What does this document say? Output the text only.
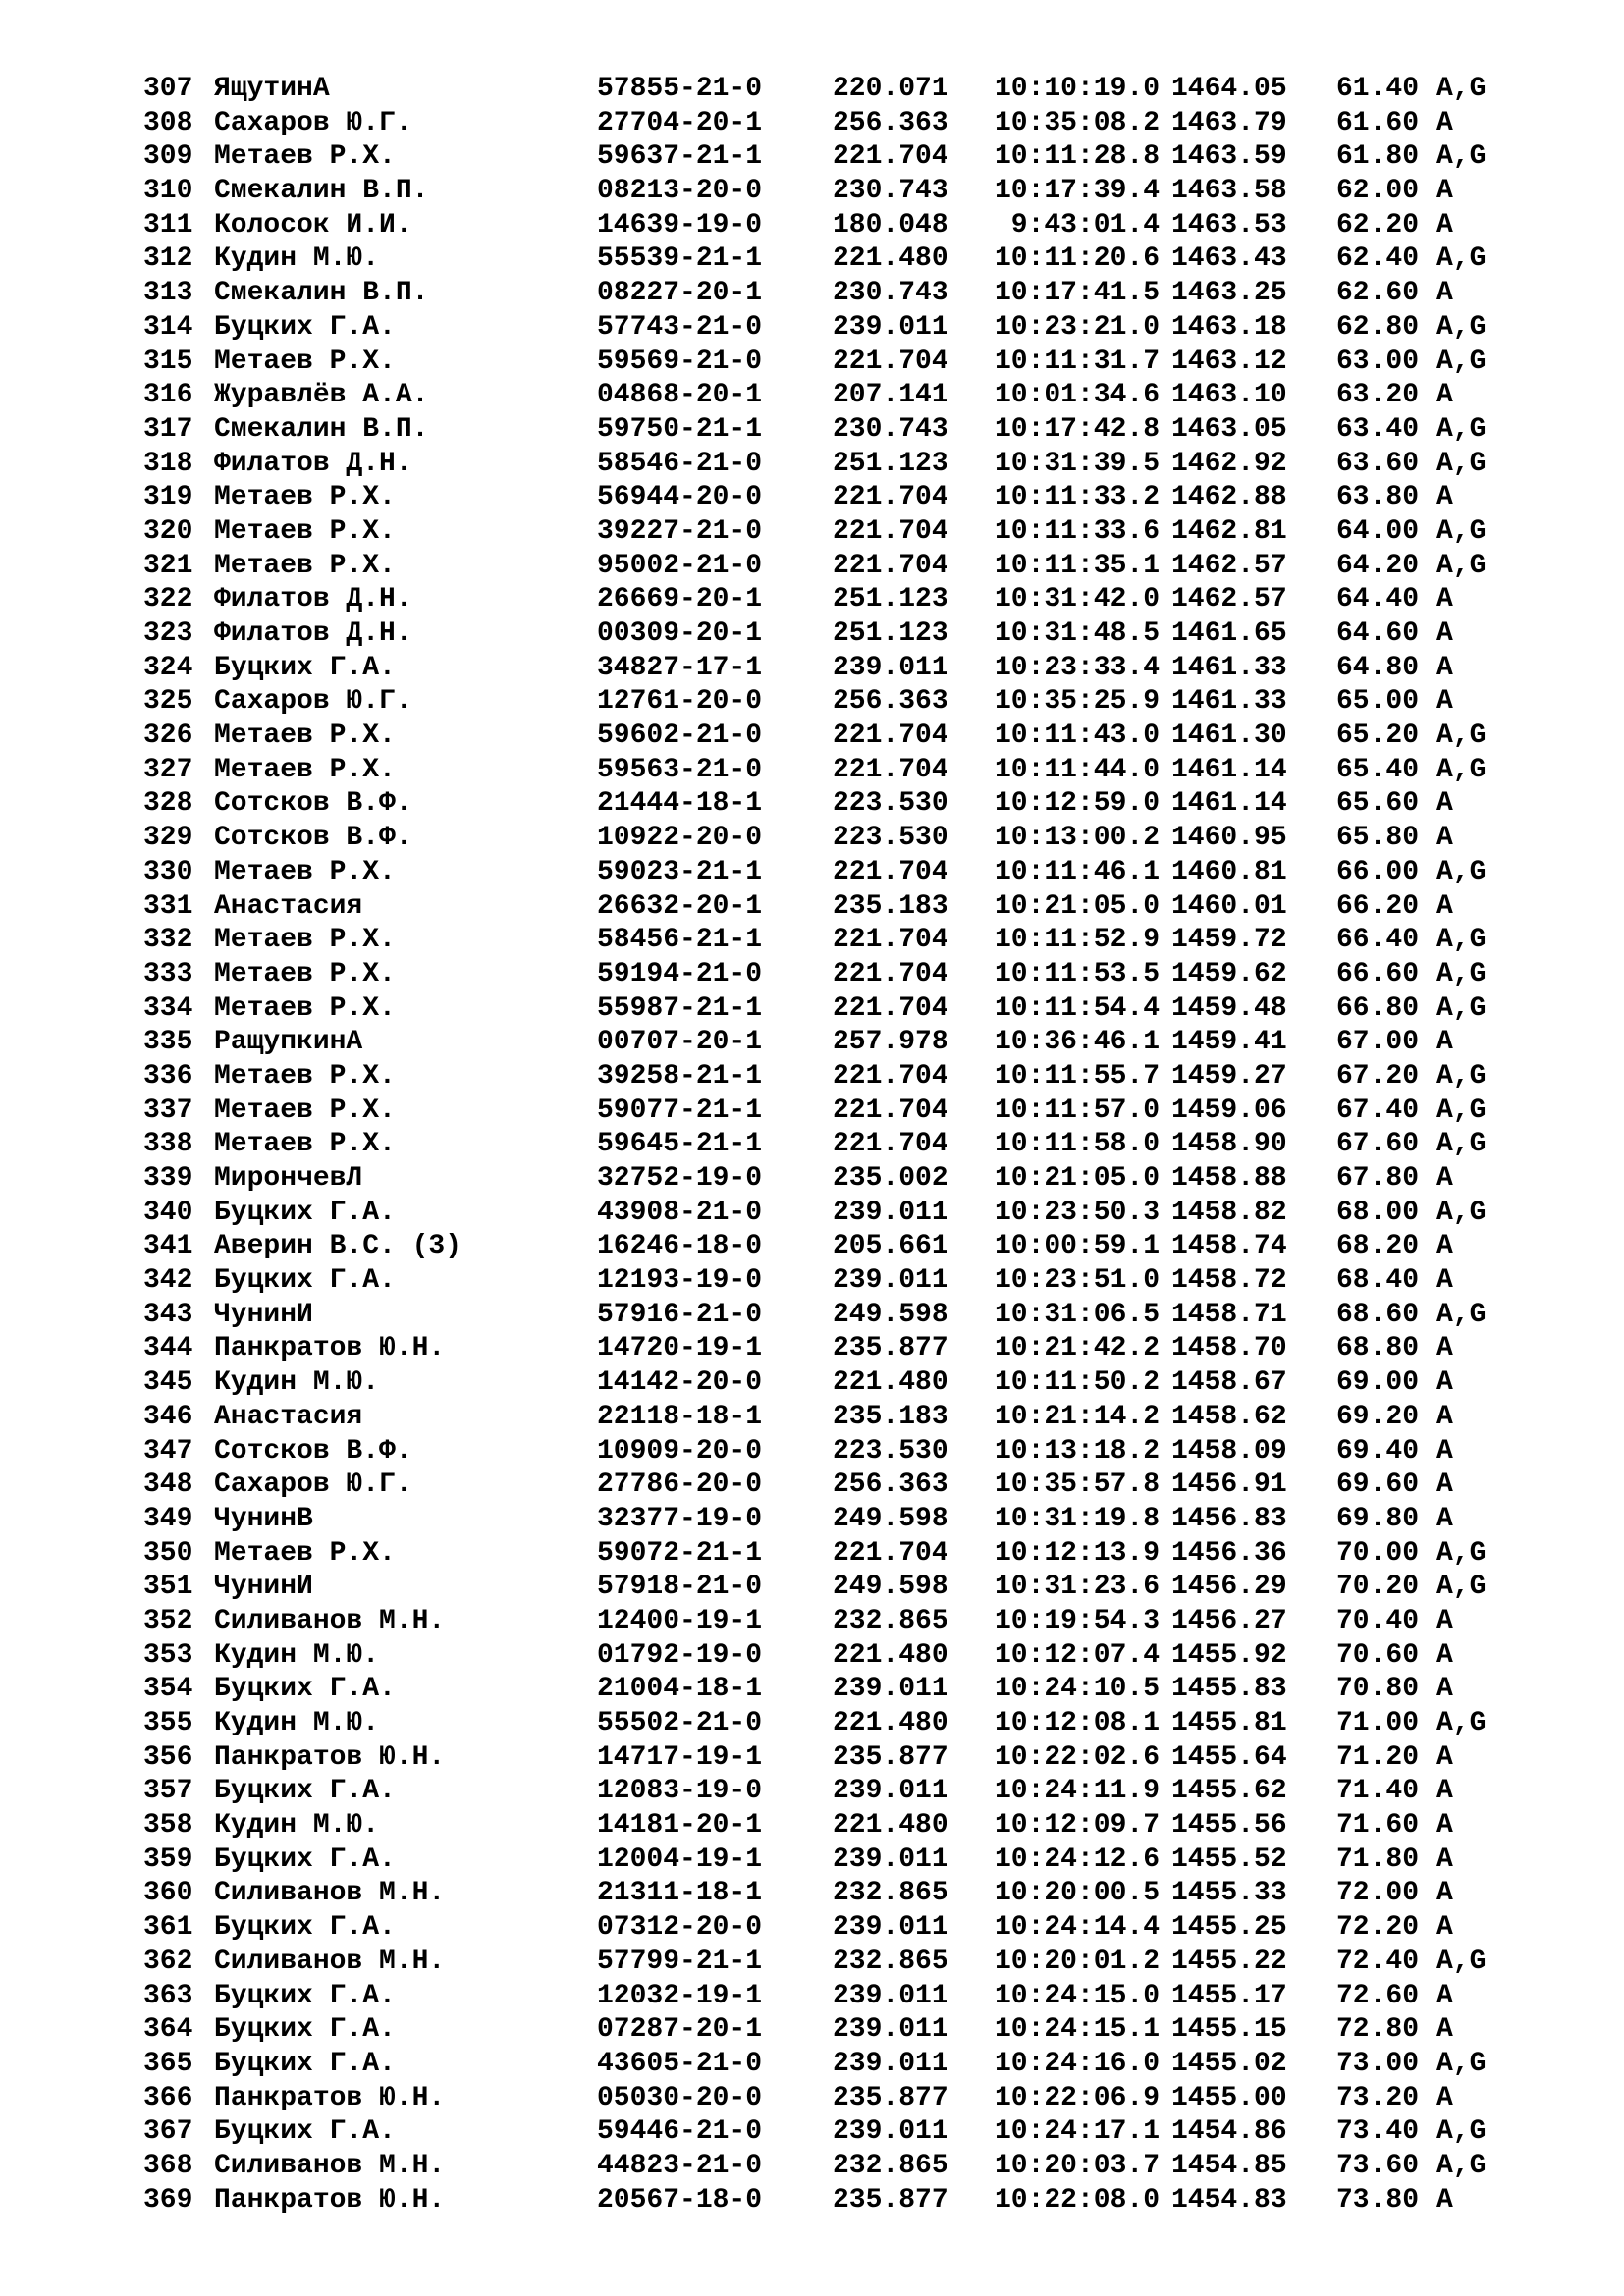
307 ЯщутинА	57855-21-0	220.071	10:10:19.0 1464.05 61.40 A,G
308 Сахаров Ю.Г.	27704-20-1	256.363	10:35:08.2 1463.79 61.60 A
309 Метаев Р.Х.	59637-21-1	221.704	10:11:28.8 1463.59 61.80 A,G
310 Смекалин В.П.	08213-20-0	230.743	10:17:39.4 1463.58 62.00 A
311 Колосок И.И.	14639-19-0	180.048	9:43:01.4 1463.53 62.20 A
312 Кудин М.Ю.	55539-21-1	221.480	10:11:20.6 1463.43 62.40 A,G
313 Смекалин В.П.	08227-20-1	230.743	10:17:41.5 1463.25 62.60 A
314 Буцких Г.А.	57743-21-0	239.011	10:23:21.0 1463.18 62.80 A,G
315 Метаев Р.Х.	59569-21-0	221.704	10:11:31.7 1463.12 63.00 A,G
316 Журавлёв А.А.	04868-20-1	207.141	10:01:34.6 1463.10 63.20 A
317 Смекалин В.П.	59750-21-1	230.743	10:17:42.8 1463.05 63.40 A,G
318 Филатов Д.Н.	58546-21-0	251.123	10:31:39.5 1462.92 63.60 A,G
319 Метаев Р.Х.	56944-20-0	221.704	10:11:33.2 1462.88 63.80 A
320 Метаев Р.Х.	39227-21-0	221.704	10:11:33.6 1462.81 64.00 A,G
321 Метаев Р.Х.	95002-21-0	221.704	10:11:35.1 1462.57 64.20 A,G
322 Филатов Д.Н.	26669-20-1	251.123	10:31:42.0 1462.57 64.40 A
323 Филатов Д.Н.	00309-20-1	251.123	10:31:48.5 1461.65 64.60 A
324 Буцких Г.А.	34827-17-1	239.011	10:23:33.4 1461.33 64.80 A
325 Сахаров Ю.Г.	12761-20-0	256.363	10:35:25.9 1461.33 65.00 A
326 Метаев Р.Х.	59602-21-0	221.704	10:11:43.0 1461.30 65.20 A,G
327 Метаев Р.Х.	59563-21-0	221.704	10:11:44.0 1461.14 65.40 A,G
328 Сотсков В.Ф.	21444-18-1	223.530	10:12:59.0 1461.14 65.60 A
329 Сотсков В.Ф.	10922-20-0	223.530	10:13:00.2 1460.95 65.80 A
330 Метаев Р.Х.	59023-21-1	221.704	10:11:46.1 1460.81 66.00 A,G
331 Анастасия	26632-20-1	235.183	10:21:05.0 1460.01 66.20 A
332 Метаев Р.Х.	58456-21-1	221.704	10:11:52.9 1459.72 66.40 A,G
333 Метаев Р.Х.	59194-21-0	221.704	10:11:53.5 1459.62 66.60 A,G
334 Метаев Р.Х.	55987-21-1	221.704	10:11:54.4 1459.48 66.80 A,G
335 РащупкинА	00707-20-1	257.978	10:36:46.1 1459.41 67.00 A
336 Метаев Р.Х.	39258-21-1	221.704	10:11:55.7 1459.27 67.20 A,G
337 Метаев Р.Х.	59077-21-1	221.704	10:11:57.0 1459.06 67.40 A,G
338 Метаев Р.Х.	59645-21-1	221.704	10:11:58.0 1458.90 67.60 A,G
339 МирончевЛ	32752-19-0	235.002	10:21:05.0 1458.88 67.80 A
340 Буцких Г.А.	43908-21-0	239.011	10:23:50.3 1458.82 68.00 A,G
341 Аверин В.С. (3)	16246-18-0	205.661	10:00:59.1 1458.74 68.20 A
342 Буцких Г.А.	12193-19-0	239.011	10:23:51.0 1458.72 68.40 A
343 ЧунинИ	57916-21-0	249.598	10:31:06.5 1458.71 68.60 A,G
344 Панкратов Ю.Н.	14720-19-1	235.877	10:21:42.2 1458.70 68.80 A
345 Кудин М.Ю.	14142-20-0	221.480	10:11:50.2 1458.67 69.00 A
346 Анастасия	22118-18-1	235.183	10:21:14.2 1458.62 69.20 A
347 Сотсков В.Ф.	10909-20-0	223.530	10:13:18.2 1458.09 69.40 A
348 Сахаров Ю.Г.	27786-20-0	256.363	10:35:57.8 1456.91 69.60 A
349 ЧунинВ	32377-19-0	249.598	10:31:19.8 1456.83 69.80 A
350 Метаев Р.Х.	59072-21-1	221.704	10:12:13.9 1456.36 70.00 A,G
351 ЧунинИ	57918-21-0	249.598	10:31:23.6 1456.29 70.20 A,G
352 Силиванов М.Н.	12400-19-1	232.865	10:19:54.3 1456.27 70.40 A
353 Кудин М.Ю.	01792-19-0	221.480	10:12:07.4 1455.92 70.60 A
354 Буцких Г.А.	21004-18-1	239.011	10:24:10.5 1455.83 70.80 A
355 Кудин М.Ю.	55502-21-0	221.480	10:12:08.1 1455.81 71.00 A,G
356 Панкратов Ю.Н.	14717-19-1	235.877	10:22:02.6 1455.64 71.20 A
357 Буцких Г.А.	12083-19-0	239.011	10:24:11.9 1455.62 71.40 A
358 Кудин М.Ю.	14181-20-1	221.480	10:12:09.7 1455.56 71.60 A
359 Буцких Г.А.	12004-19-1	239.011	10:24:12.6 1455.52 71.80 A
360 Силиванов М.Н.	21311-18-1	232.865	10:20:00.5 1455.33 72.00 A
361 Буцких Г.А.	07312-20-0	239.011	10:24:14.4 1455.25 72.20 A
362 Силиванов М.Н.	57799-21-1	232.865	10:20:01.2 1455.22 72.40 A,G
363 Буцких Г.А.	12032-19-1	239.011	10:24:15.0 1455.17 72.60 A
364 Буцких Г.А.	07287-20-1	239.011	10:24:15.1 1455.15 72.80 A
365 Буцких Г.А.	43605-21-0	239.011	10:24:16.0 1455.02 73.00 A,G
366 Панкратов Ю.Н.	05030-20-0	235.877	10:22:06.9 1455.00 73.20 A
367 Буцких Г.А.	59446-21-0	239.011	10:24:17.1 1454.86 73.40 A,G
368 Силиванов М.Н.	44823-21-0	232.865	10:20:03.7 1454.85 73.60 A,G
369 Панкратов Ю.Н.	20567-18-0	235.877	10:22:08.0 1454.83 73.80 A
